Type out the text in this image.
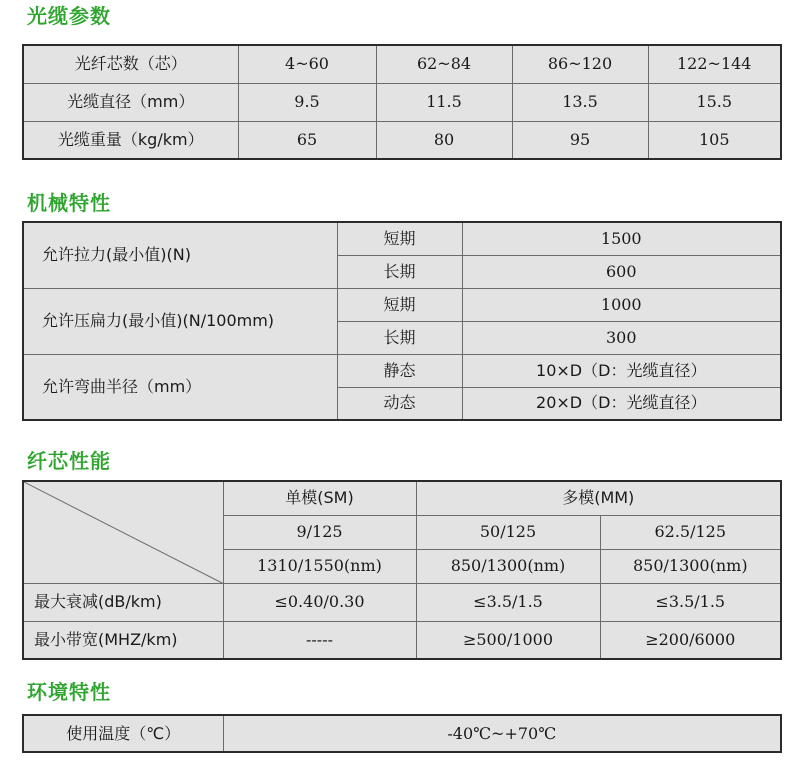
光缆参数
光纤芯数（芯）	4~60	62~84	86~120	122~144
光缆直径（mm）	9.5	11.5	13.5	15.5
光缆重量（kg/km）	65	80	95	105
机械特性
允许拉力(最小值)(N)	短期	1500
	长期	600
允许压扁力(最小值)(N/100mm)	短期	1000
	长期	300
允许弯曲半径（mm）	静态	10×D（D：光缆直径）
	动态	20×D（D：光缆直径）
纤芯性能
	单模(SM)	多模(MM)	
	9/125	50/125	62.5/125
	1310/1550(nm)	850/1300(nm)	850/1300(nm)
最大衰减(dB/km)	≤0.40/0.30	≤3.5/1.5	≤3.5/1.5
最小带宽(MHZ/km)	-----	≥500/1000	≥200/6000
环境特性
使用温度（℃）	-40℃~+70℃
